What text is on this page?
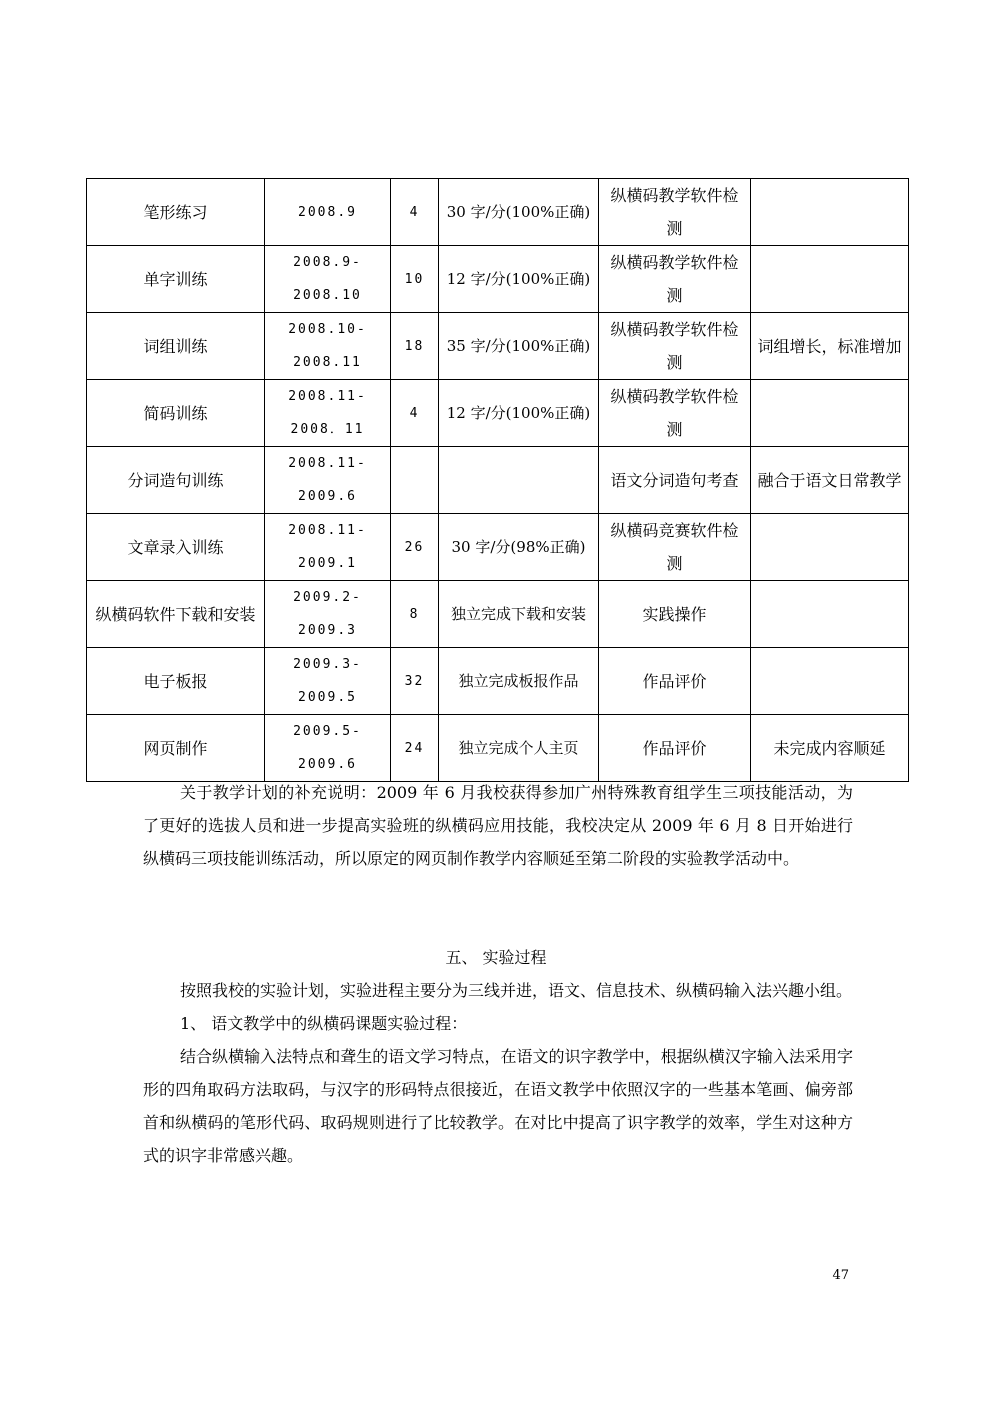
笔形练习	2008.9	4	30 字/分(100%正确)	纵横码教学软件检测	
单字训练	2008.9-2008.10	10	12 字/分(100%正确)	纵横码教学软件检测	
词组训练	2008.10-2008.11	18	35 字/分(100%正确)	纵横码教学软件检测	词组增长，标准增加
简码训练	2008.11-2008．11	4	12 字/分(100%正确)	纵横码教学软件检测	
分词造句训练	2008.11-2009.6			语文分词造句考查	融合于语文日常教学
文章录入训练	2008.11-2009.1	26	30 字/分(98%正确)	纵横码竞赛软件检测	
纵横码软件下载和安装	2009.2-2009.3	8	独立完成下载和安装	实践操作	
电子板报	2009.3-2009.5	32	独立完成板报作品	作品评价	
网页制作	2009.5-2009.6	24	独立完成个人主页	作品评价	未完成内容顺延

关于教学计划的补充说明：2009 年 6 月我校获得参加广州特殊教育组学生三项技能活动，为了更好的选拔人员和进一步提高实验班的纵横码应用技能，我校决定从 2009 年 6 月 8 日开始进行纵横码三项技能训练活动，所以原定的网页制作教学内容顺延至第二阶段的实验教学活动中。

五、 实验过程

按照我校的实验计划，实验进程主要分为三线并进，语文、信息技术、纵横码输入法兴趣小组。

1、 语文教学中的纵横码课题实验过程：

结合纵横输入法特点和聋生的语文学习特点，在语文的识字教学中，根据纵横汉字输入法采用字形的四角取码方法取码，与汉字的形码特点很接近，在语文教学中依照汉字的一些基本笔画、偏旁部首和纵横码的笔形代码、取码规则进行了比较教学。在对比中提高了识字教学的效率，学生对这种方式的识字非常感兴趣。

47
